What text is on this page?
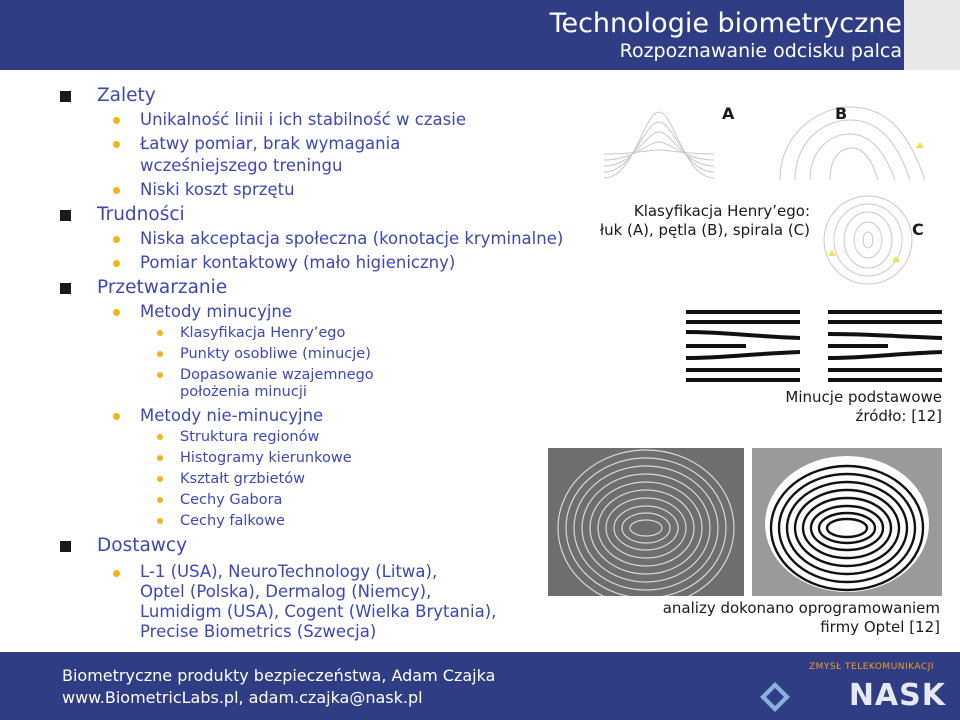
Technologie biometryczne
Rozpoznawanie odcisku palca
Zalety
Unikalność linii i ich stabilność w czasie
Łatwy pomiar, brak wymagania
wcześniejszego treningu
Niski koszt sprzętu
Trudności
Niska akceptacja społeczna (konotacje kryminalne)
Pomiar kontaktowy (mało higieniczny)
Przetwarzanie
Metody minucyjne
Klasyfikacja Henry’ego
Punkty osobliwe (minucje)
Dopasowanie wzajemnego
położenia minucji
Metody nie-minucyjne
Struktura regionów
Histogramy kierunkowe
Kształt grzbietów
Cechy Gabora
Cechy falkowe
Dostawcy
L-1 (USA), NeuroTechnology (Litwa),
Optel (Polska), Dermalog (Niemcy),
Lumidigm (USA), Cogent (Wielka Brytania),
Precise Biometrics (Szwecja)
A	B
C
Klasyfikacja Henry’ego:
łuk (A), pętla (B), spirala (C)
Minucje podstawowe
źródło: [12]
analizy dokonano oprogramowaniem
firmy Optel [12]
Biometryczne produkty bezpieczeństwa, Adam Czajka
www.BiometricLabs.pl, adam.czajka@nask.pl
ZMYSŁ TELEKOMUNIKACJI
NASK
